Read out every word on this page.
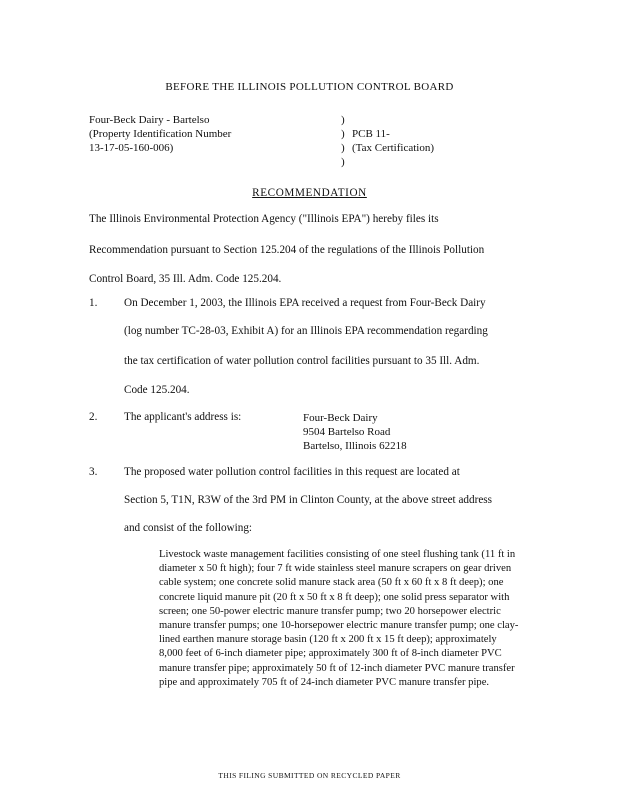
BEFORE THE ILLINOIS POLLUTION CONTROL BOARD
Four-Beck Dairy - Bartelso
(Property Identification Number
13-17-05-160-006)
)
)
)
)
PCB 11-
(Tax Certification)
RECOMMENDATION
The Illinois Environmental Protection Agency ("Illinois EPA") hereby files its
Recommendation pursuant to Section 125.204 of the regulations of the Illinois Pollution
Control Board, 35 Ill. Adm. Code 125.204.
1. On December 1, 2003, the Illinois EPA received a request from Four-Beck Dairy
(log number TC-28-03, Exhibit A) for an Illinois EPA recommendation regarding
the tax certification of water pollution control facilities pursuant to 35 Ill. Adm.
Code 125.204.
2. The applicant's address is:	Four-Beck Dairy
9504 Bartelso Road
Bartelso, Illinois 62218
3. The proposed water pollution control facilities in this request are located at
Section 5, T1N, R3W of the 3rd PM in Clinton County, at the above street address
and consist of the following:
Livestock waste management facilities consisting of one steel flushing tank (11 ft in diameter x 50 ft high); four 7 ft wide stainless steel manure scrapers on gear driven cable system; one concrete solid manure stack area (50 ft x 60 ft x 8 ft deep); one concrete liquid manure pit (20 ft x 50 ft x 8 ft deep); one solid press separator with screen; one 50-power electric manure transfer pump; two 20 horsepower electric manure transfer pumps; one 10-horsepower electric manure transfer pump; one clay-lined earthen manure storage basin (120 ft x 200 ft x 15 ft deep); approximately 8,000 feet of 6-inch diameter pipe; approximately 300 ft of 8-inch diameter PVC manure transfer pipe; approximately 50 ft of 12-inch diameter PVC manure transfer pipe and approximately 705 ft of 24-inch diameter PVC manure transfer pipe.
THIS FILING SUBMITTED ON RECYCLED PAPER
